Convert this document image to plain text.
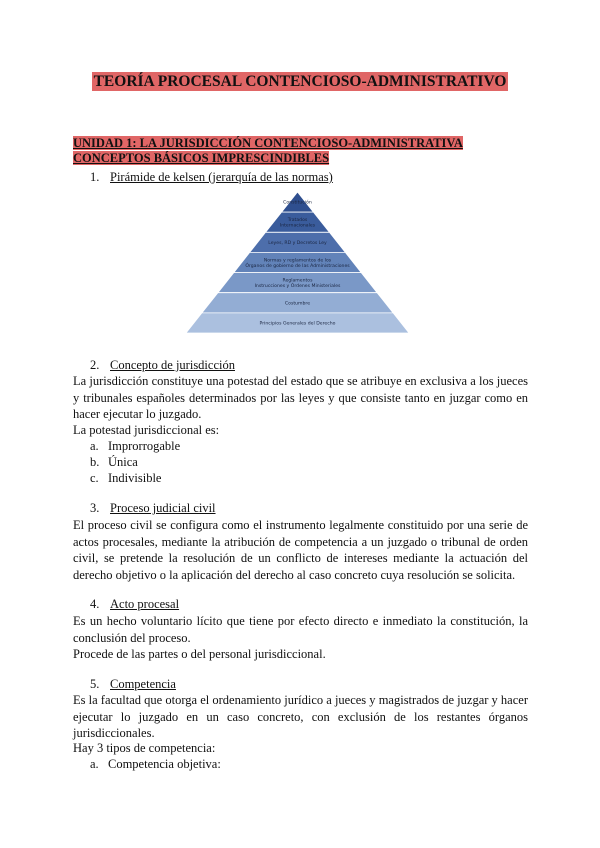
TEORÍA PROCESAL CONTENCIOSO-ADMINISTRATIVO
UNIDAD 1: LA JURISDICCIÓN CONTENCIOSO-ADMINISTRATIVA
CONCEPTOS BÁSICOS IMPRESCINDIBLES
1. Pirámide de kelsen (jerarquía de las normas)
Constitución
Tratados
Internacionales
Leyes, RD y Decretos Ley
Normas y reglamentos de los
Órganos de gobierno de las Administraciones
Reglamentos
Instrucciones y Órdenes Ministeriales
Costumbre
Principios Generales del Derecho
2. Concepto de jurisdicción
La jurisdicción constituye una potestad del estado que se atribuye en exclusiva a los jueces y tribunales españoles determinados por las leyes y que consiste tanto en juzgar como en hacer ejecutar lo juzgado.
La potestad jurisdiccional es:
a. Improrrogable
b. Única
c. Indivisible
3. Proceso judicial civil
El proceso civil se configura como el instrumento legalmente constituido por una serie de actos procesales, mediante la atribución de competencia a un juzgado o tribunal de orden civil, se pretende la resolución de un conflicto de intereses mediante la actuación del derecho objetivo o la aplicación del derecho al caso concreto cuya resolución se solicita.
4. Acto procesal
Es un hecho voluntario lícito que tiene por efecto directo e inmediato la constitución, la conclusión del proceso.
Procede de las partes o del personal jurisdiccional.
5. Competencia
Es la facultad que otorga el ordenamiento jurídico a jueces y magistrados de juzgar y hacer ejecutar lo juzgado en un caso concreto, con exclusión de los restantes órganos jurisdiccionales.
Hay 3 tipos de competencia:
a. Competencia objetiva:
